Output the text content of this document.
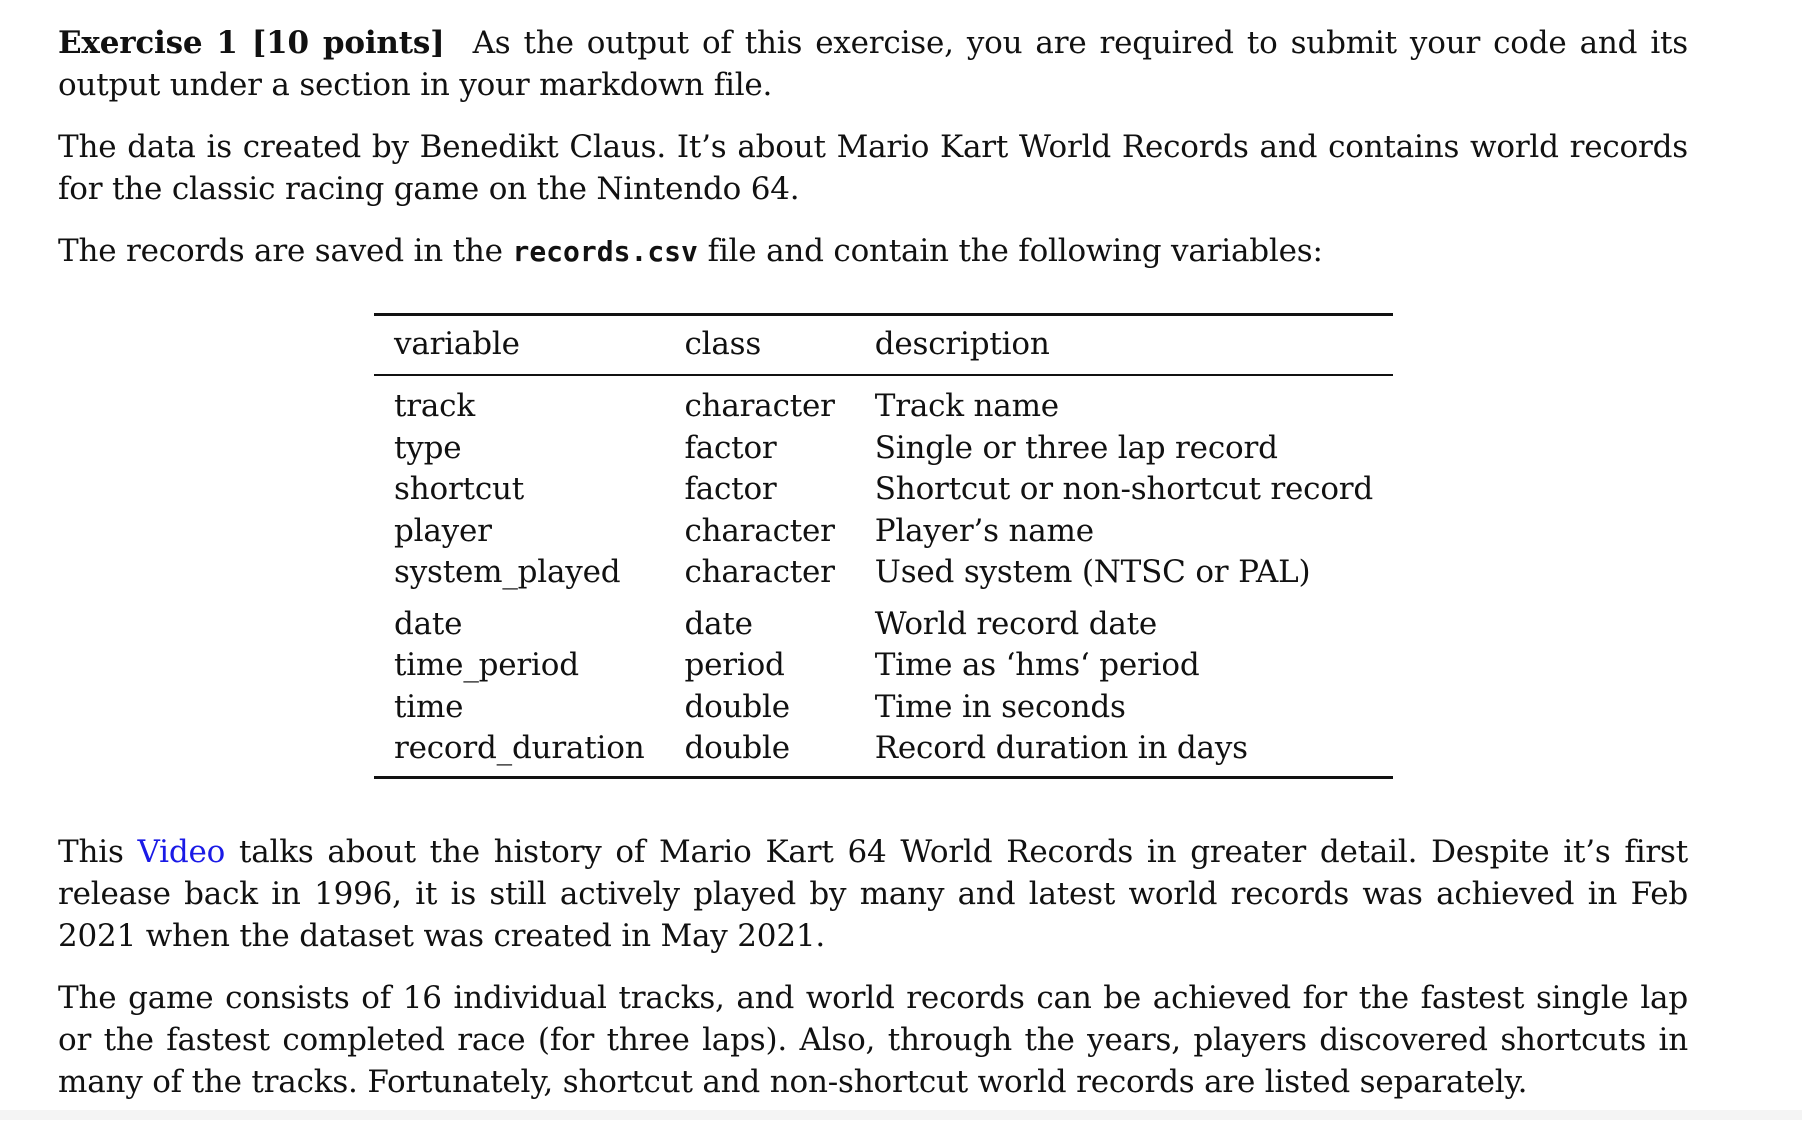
Exercise 1 [10 points] As the output of this exercise, you are required to submit your code and its output under a section in your markdown file.

The data is created by Benedikt Claus. It’s about Mario Kart World Records and contains world records for the classic racing game on the Nintendo 64.

The records are saved in the records.csv file and contain the following variables:

variable	class	description
track	character	Track name
type	factor	Single or three lap record
shortcut	factor	Shortcut or non-shortcut record
player	character	Player’s name
system_played	character	Used system (NTSC or PAL)
date	date	World record date
time_period	period	Time as ‘hms‘ period
time	double	Time in seconds
record_duration	double	Record duration in days

This Video talks about the history of Mario Kart 64 World Records in greater detail. Despite it’s first release back in 1996, it is still actively played by many and latest world records was achieved in Feb 2021 when the dataset was created in May 2021.

The game consists of 16 individual tracks, and world records can be achieved for the fastest single lap or the fastest completed race (for three laps). Also, through the years, players discovered shortcuts in many of the tracks. Fortunately, shortcut and non-shortcut world records are listed separately.
